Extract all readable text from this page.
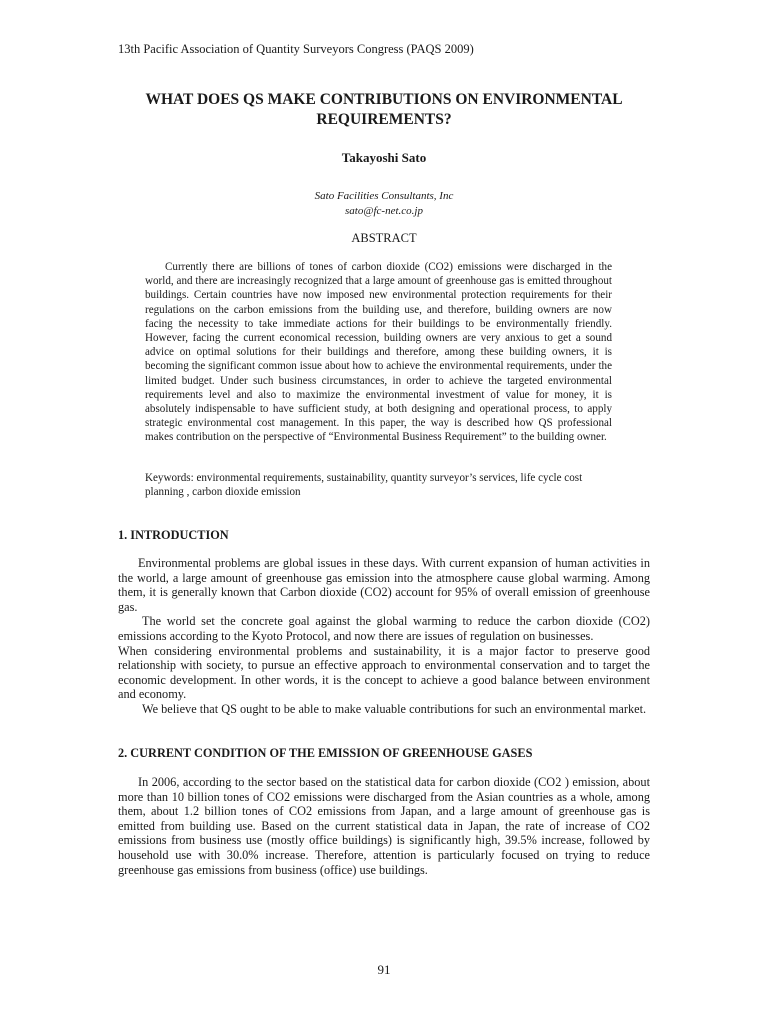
13th Pacific Association of Quantity Surveyors Congress (PAQS 2009)
WHAT DOES QS MAKE CONTRIBUTIONS ON ENVIRONMENTAL
REQUIREMENTS?
Takayoshi Sato
Sato Facilities Consultants, Inc
sato@fc-net.co.jp
ABSTRACT

Currently there are billions of tones of carbon dioxide (CO2) emissions were discharged in the world, and there are increasingly recognized that a large amount of greenhouse gas is emitted throughout buildings. Certain countries have now imposed new environmental protection requirements for their regulations on the carbon emissions from the building use, and therefore, building owners are now facing the necessity to take immediate actions for their buildings to be environmentally friendly. However, facing the current economical recession, building owners are very anxious to get a sound advice on optimal solutions for their buildings and therefore, among these building owners, it is becoming the significant common issue about how to achieve the environmental requirements, under the limited budget. Under such business circumstances, in order to achieve the targeted environmental requirements level and also to maximize the environmental investment of value for money, it is absolutely indispensable to have sufficient study, at both designing and operational process, to apply strategic environmental cost management. In this paper, the way is described how QS professional makes contribution on the perspective of “Environmental Business Requirement” to the building owner.

Keywords: environmental requirements, sustainability, quantity surveyor’s services, life cycle cost planning , carbon dioxide emission

1. INTRODUCTION

Environmental problems are global issues in these days. With current expansion of human activities in the world, a large amount of greenhouse gas emission into the atmosphere cause global warming. Among them, it is generally known that Carbon dioxide (CO2) account for 95% of overall emission of greenhouse gas.

The world set the concrete goal against the global warming to reduce the carbon dioxide (CO2) emissions according to the Kyoto Protocol, and now there are issues of regulation on businesses.

When considering environmental problems and sustainability, it is a major factor to preserve good relationship with society, to pursue an effective approach to environmental conservation and to target the economic development. In other words, it is the concept to achieve a good balance between environment and economy.

We believe that QS ought to be able to make valuable contributions for such an environmental market.

2. CURRENT CONDITION OF THE EMISSION OF GREENHOUSE GASES

In 2006, according to the sector based on the statistical data for carbon dioxide (CO2 ) emission, about more than 10 billion tones of CO2 emissions were discharged from the Asian countries as a whole, among them, about 1.2 billion tones of CO2 emissions from Japan, and a large amount of greenhouse gas is emitted from building use. Based on the current statistical data in Japan, the rate of increase of CO2 emissions from business use (mostly office buildings) is significantly high, 39.5% increase, followed by household use with 30.0% increase. Therefore, attention is particularly focused on trying to reduce greenhouse gas emissions from business (office) use buildings.

91
